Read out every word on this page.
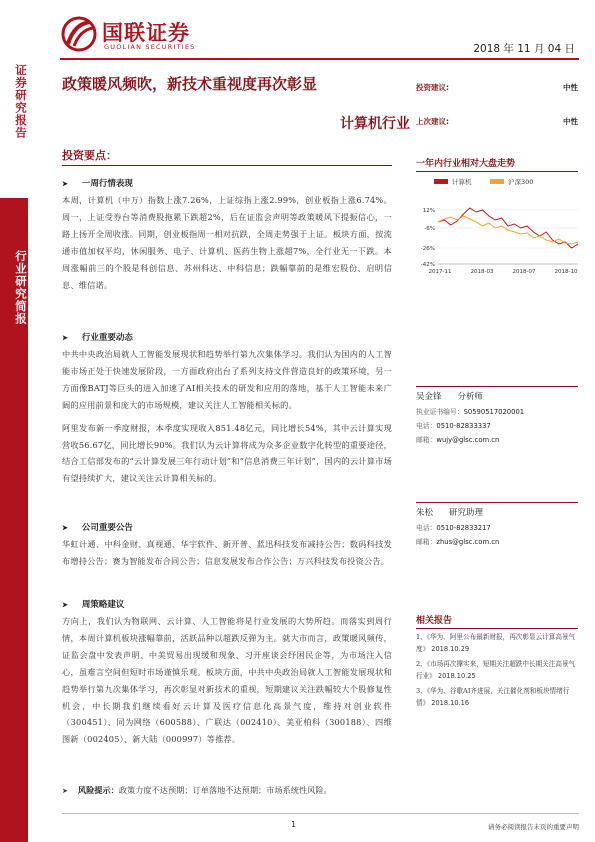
国联证券
GUOLIAN SECURITIES	2018 年 11 月 04 日
证券研究报告
行业研究简报
政策暖风频吹，新技术重视度再次彰显
计算机行业
投资建议:	中性
上次建议:	中性
投资要点：
➤ 一周行情表现

本周，计算机（中万）指数上涨7.26%，上证综指上涨2.99%，创业板指上涨6.74%。周一，上证受券台等消费股拖累下跌超2%，后在证监会声明等政策暖风下提振信心，一路上扬开全周收涨。同期，创业板指周一相对抗跌，全周走势强于上证。板块方面，按流通市值加权平均，休闲服务、电子、计算机、医药生物上涨超7%，全行业无一下跌。本周涨幅前三的个股是科创信息、苏州科达、中科信息；跌幅靠前的是维宏股份、启明信息、维信诺。

➤ 行业重要动态

中共中央政治局就人工智能发展现状和趋势举行第九次集体学习。我们认为国内的人工智能市场正处于快速发展阶段，一方面政府出台了系列支持文件营造良好的政策环境，另一方面像BATJ等巨头的进入加速了AI相关技术的研发和应用的落地，基于人工智能未来广阔的应用前景和庞大的市场规模，建议关注人工智能相关标的。

阿里发布新一季度财报，本季度实现收入851.48亿元，同比增长54%，其中云计算实现营收56.67亿，同比增长90%。我们认为云计算将成为众多企业数字化转型的重要途径，结合工信部发布的“云计算发展三年行动计划”和“信息消费三年计划”，国内的云计算市场有望持续扩大，建议关注云计算相关标的。

➤ 公司重要公告

华虹计通、中科金财、真视通、华宇软件、新开普、蓝迅科技发布减持公告；数码科技发布增持公告；赛为智能发布合同公告；信息发展发布合作公告；万兴科技发布投资公告。

➤ 周策略建议

方向上，我们认为物联网、云计算、人工智能将是行业发展的大势所趋。而落实到周行情，本周计算机板块涨幅靠前，活跃品种以超跌反弹为主。就大市而言，政策暖风频传，证监会盘中发表声明、中美贸易出现缓和现象、习开座谈会纾困民企等，为市场注入信心，虽难言空间但短时市场谨慎乐观。板块方面，中共中央政治局就人工智能发展现状和趋势举行第九次集体学习，再次彰显对新技术的重视，短期建议关注跌幅较大个股修复性机会，中长期我们继续看好云计算及医疗信息化高景气度，维持对创业软件（300451）、同为网络（600588）、广联达（002410）、美亚柏科（300188）、四维图新（002405）、新大陆（000997）等推荐。

➤ 风险提示：政策力度不达预期；订单落地不达预期；市场系统性风险。
一年内行业相对大盘走势
计算机	沪深300
12%
-6%
-26%
-42%
2017-11	2018-03	2018-07	2018-10
吴金锋 分析师
执业证书编号：S0590517020001
电话：0510-82833337
邮箱：wujy@glsc.com.cn
朱松 研究助理
电话：0510-82833217
邮箱：zhus@glsc.com.cn
相关报告
1、《华为、阿里公布最新财报，再次彰显云计算高景气度》 2018.10.29
2、《市场再次撑实来，短期关注超跌中长期关注高景气行业》 2018.10.25
3、《华为、谷歌AI齐进展，关注催化剂和板块情绪行情》 2018.10.16
1	请务必阅读报告末页的重要声明
